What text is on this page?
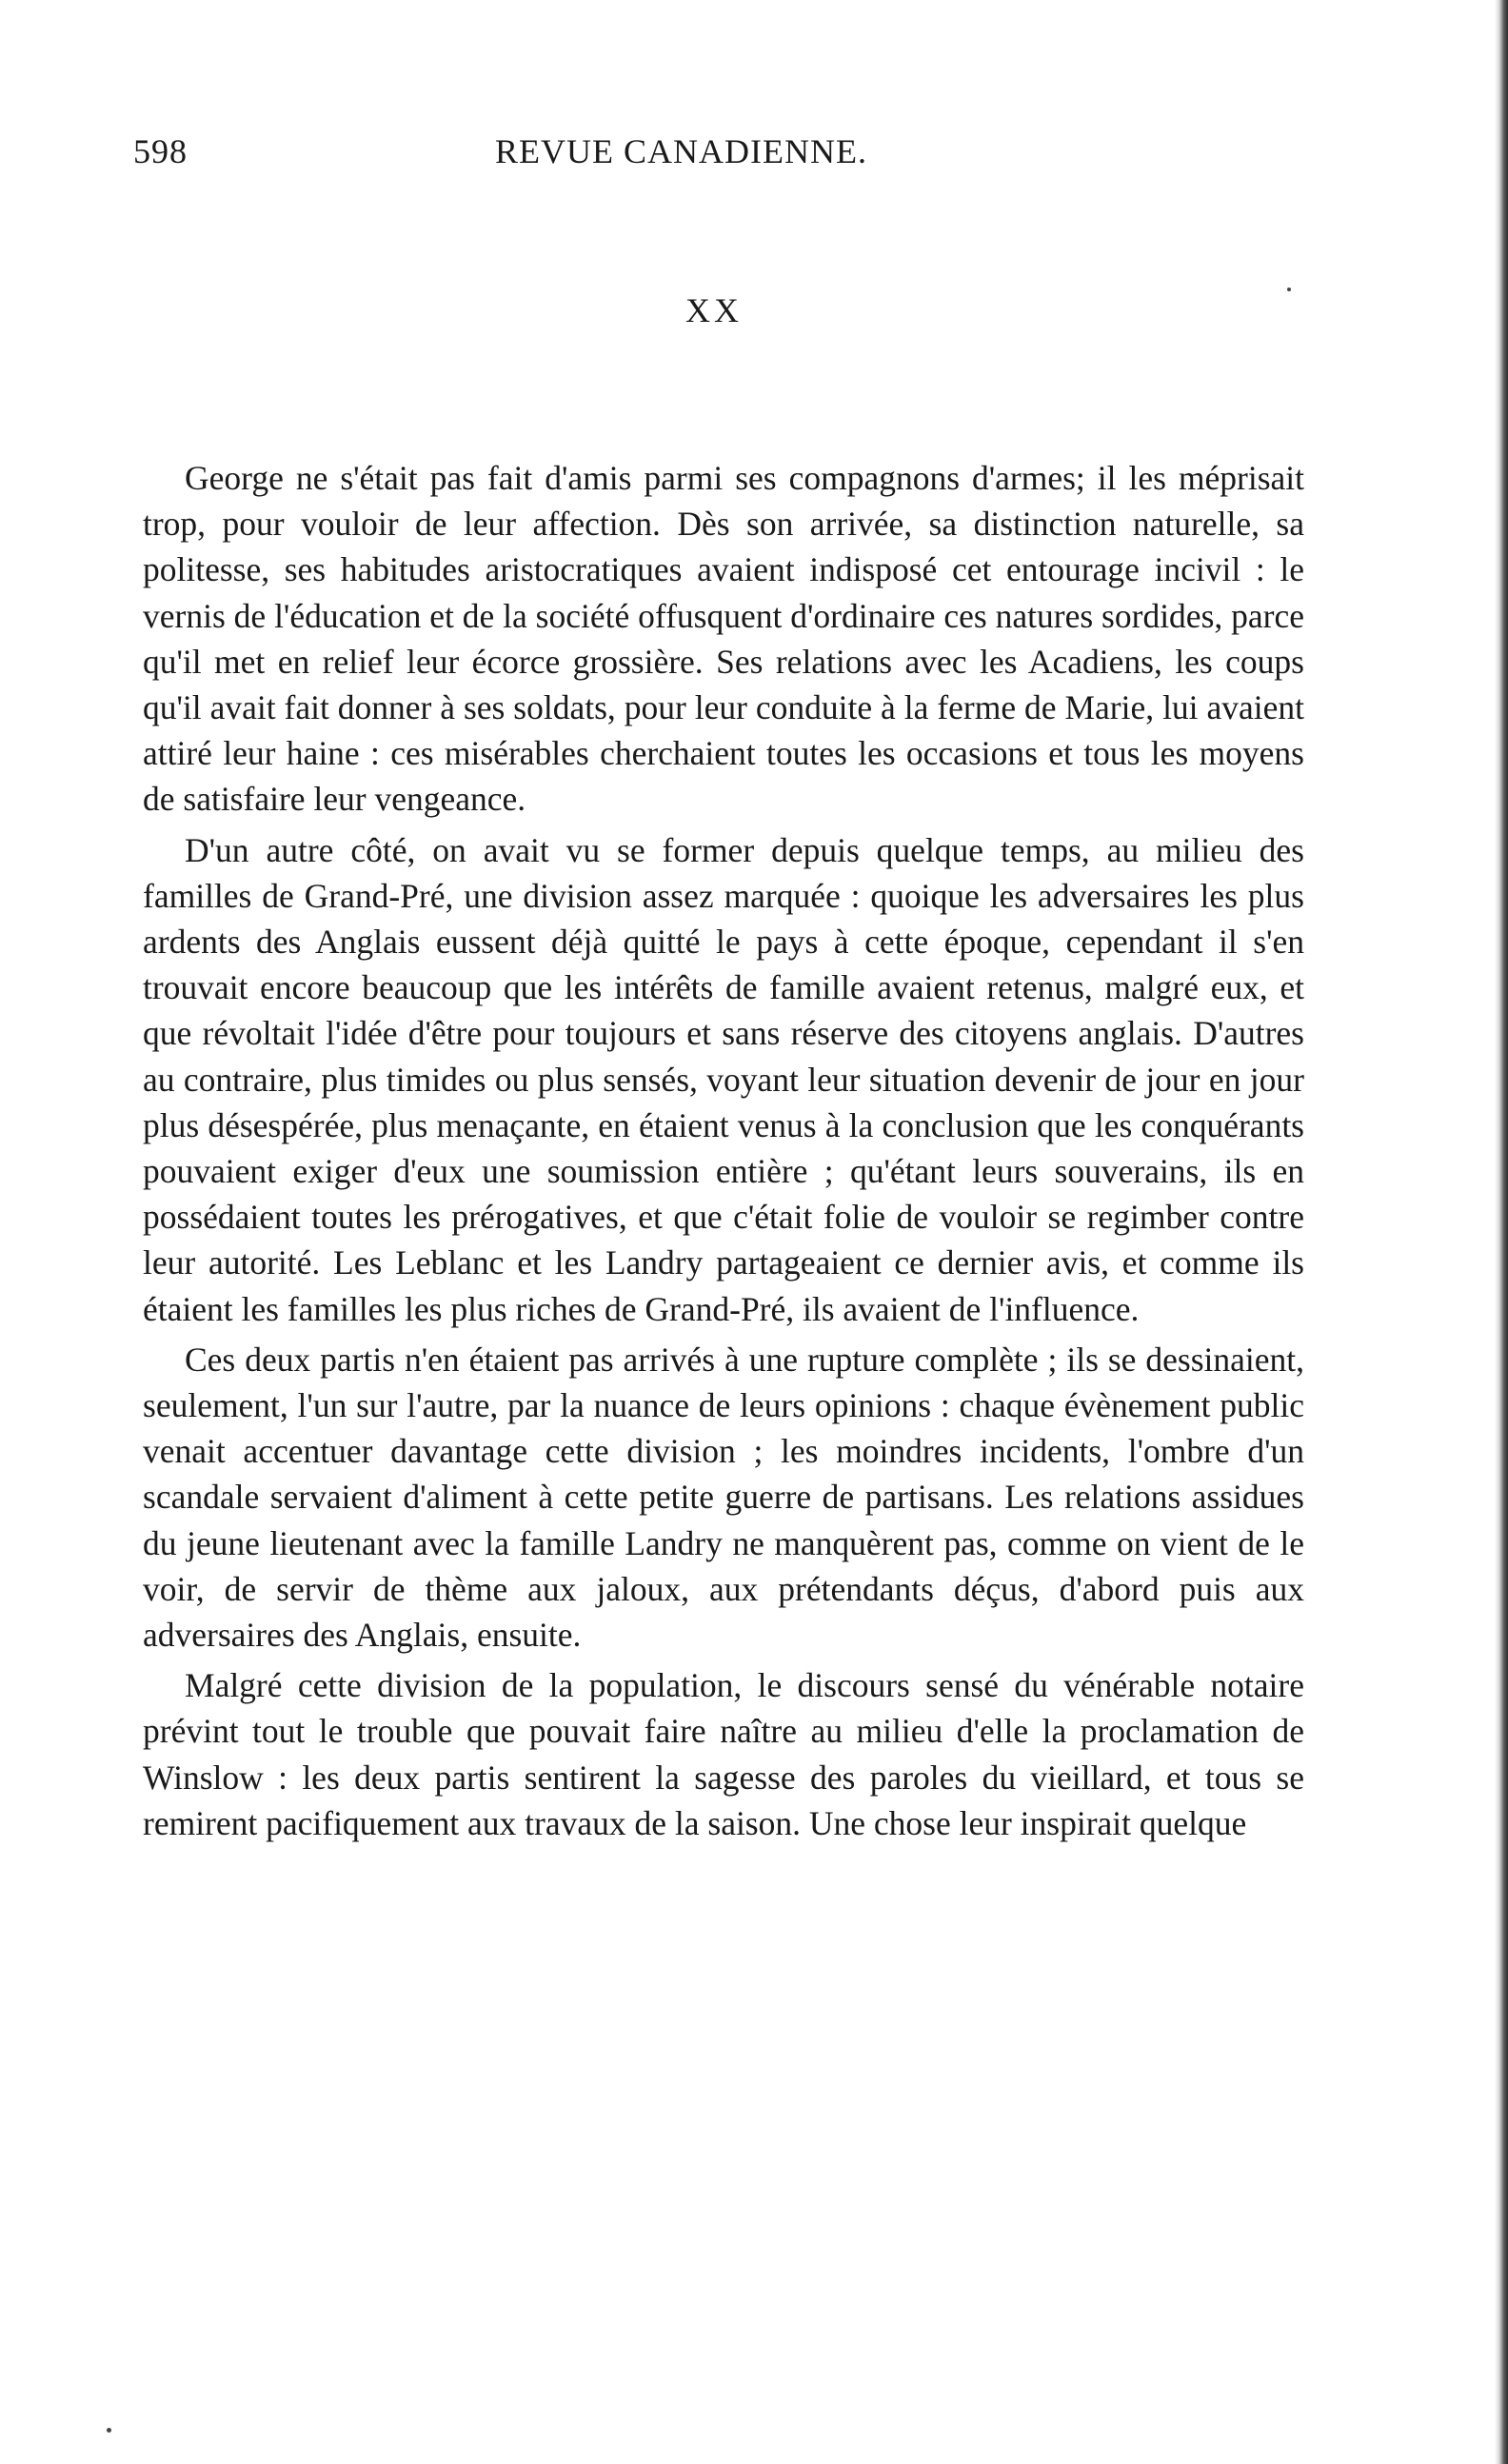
598	REVUE CANADIENNE.
XX

George ne s'était pas fait d'amis parmi ses compagnons d'armes; il les méprisait trop, pour vouloir de leur affection. Dès son arrivée, sa distinction naturelle, sa politesse, ses habitudes aristocratiques avaient indisposé cet entourage incivil : le vernis de l'éducation et de la société offusquent d'ordinaire ces natures sordides, parce qu'il met en relief leur écorce grossière. Ses relations avec les Acadiens, les coups qu'il avait fait donner à ses soldats, pour leur conduite à la ferme de Marie, lui avaient attiré leur haine : ces misérables cherchaient toutes les occasions et tous les moyens de satisfaire leur vengeance.

D'un autre côté, on avait vu se former depuis quelque temps, au milieu des familles de Grand-Pré, une division assez marquée : quoique les adversaires les plus ardents des Anglais eussent déjà quitté le pays à cette époque, cependant il s'en trouvait encore beaucoup que les intérêts de famille avaient retenus, malgré eux, et que révoltait l'idée d'être pour toujours et sans réserve des citoyens anglais. D'autres au contraire, plus timides ou plus sensés, voyant leur situation devenir de jour en jour plus désespérée, plus menaçante, en étaient venus à la conclusion que les conquérants pouvaient exiger d'eux une soumission entière ; qu'étant leurs souverains, ils en possédaient toutes les prérogatives, et que c'était folie de vouloir se regimber contre leur autorité. Les Leblanc et les Landry partageaient ce dernier avis, et comme ils étaient les familles les plus riches de Grand-Pré, ils avaient de l'influence.

Ces deux partis n'en étaient pas arrivés à une rupture complète ; ils se dessinaient, seulement, l'un sur l'autre, par la nuance de leurs opinions : chaque évènement public venait accentuer davantage cette division ; les moindres incidents, l'ombre d'un scandale servaient d'aliment à cette petite guerre de partisans. Les relations assidues du jeune lieutenant avec la famille Landry ne manquèrent pas, comme on vient de le voir, de servir de thème aux jaloux, aux prétendants déçus, d'abord puis aux adversaires des Anglais, ensuite.

Malgré cette division de la population, le discours sensé du vénérable notaire prévint tout le trouble que pouvait faire naître au milieu d'elle la proclamation de Winslow : les deux partis sentirent la sagesse des paroles du vieillard, et tous se remirent pacifiquement aux travaux de la saison. Une chose leur inspirait quelque
